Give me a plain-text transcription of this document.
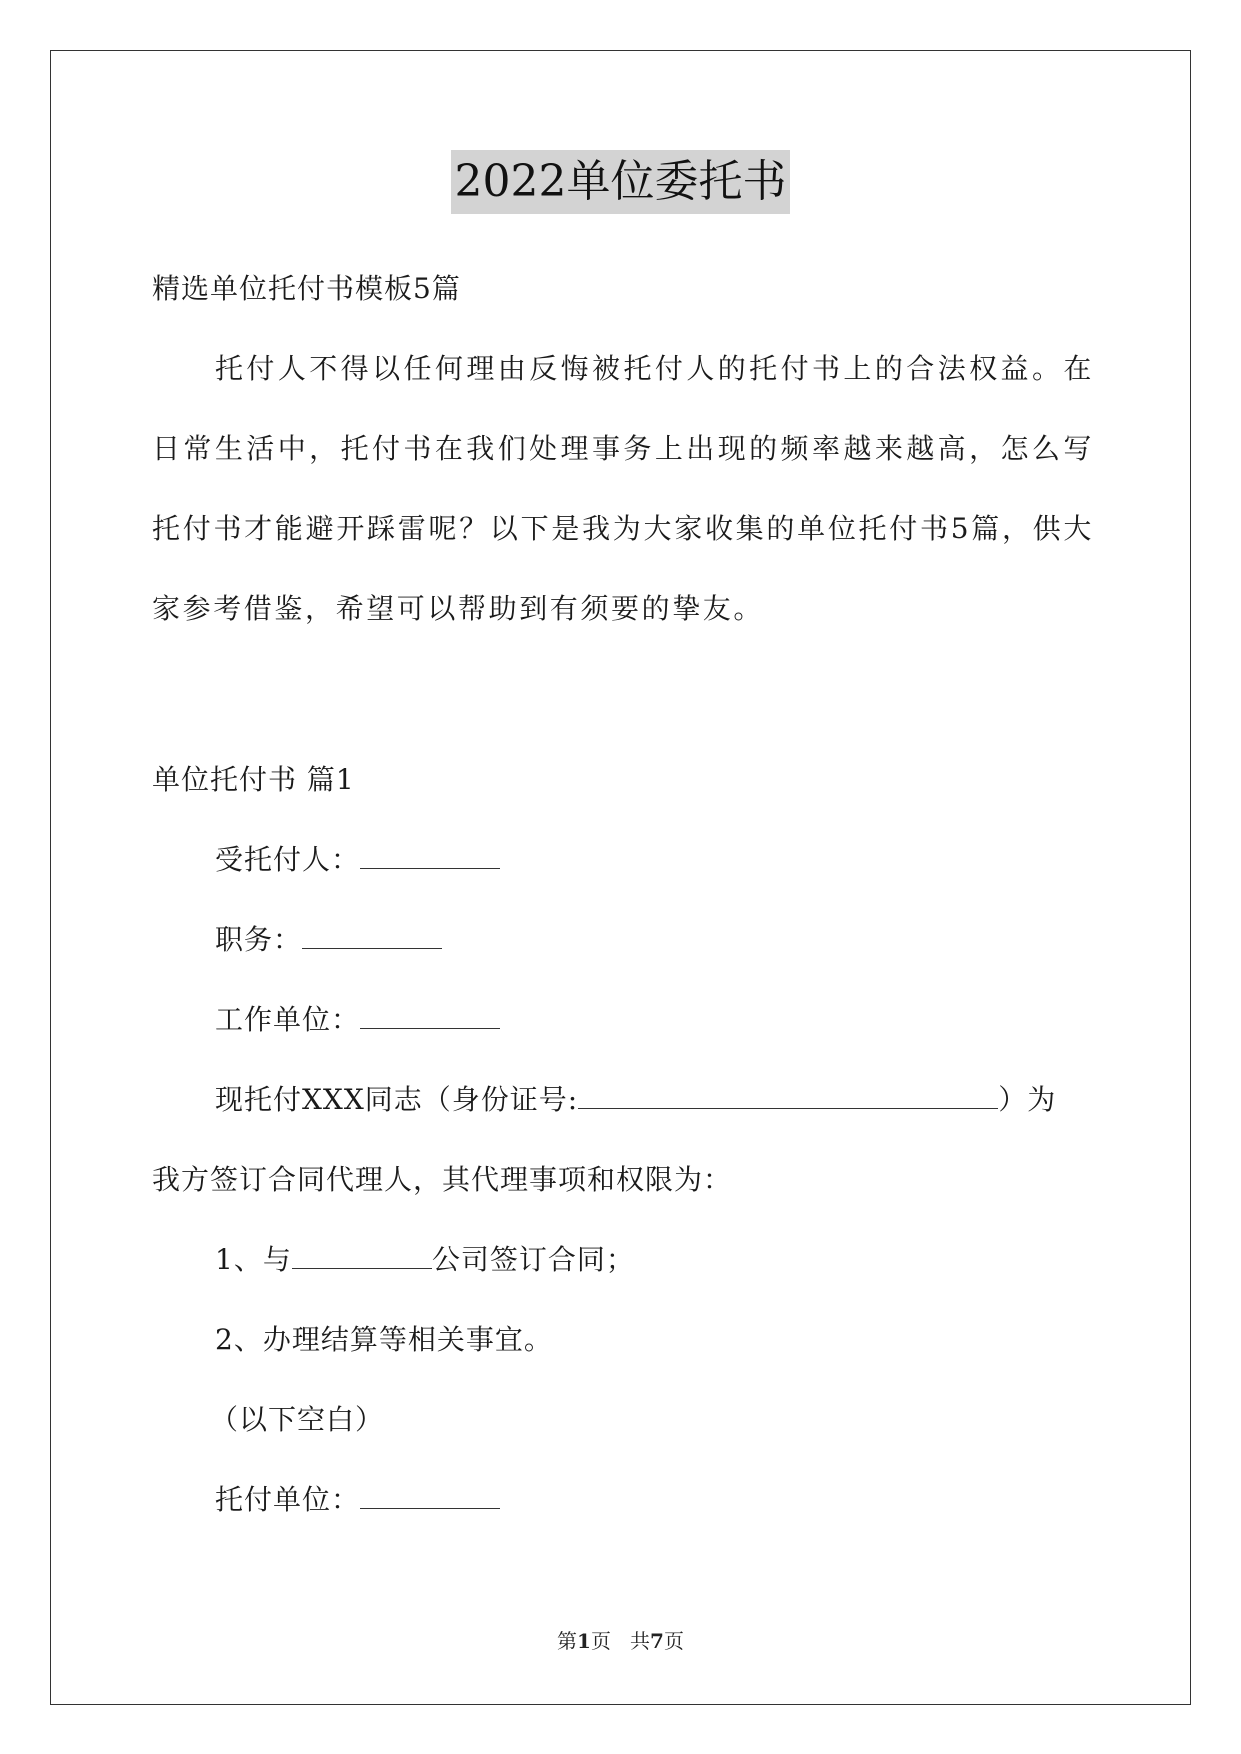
2022单位委托书
精选单位托付书模板5篇
托付人不得以任何理由反悔被托付人的托付书上的合法权益。在日常生活中，托付书在我们处理事务上出现的频率越来越高，怎么写托付书才能避开踩雷呢？以下是我为大家收集的单位托付书5篇，供大家参考借鉴，希望可以帮助到有须要的挚友。
单位托付书 篇1
受托付人：
职务：
工作单位：
现托付XXX同志（身份证号:	）为
我方签订合同代理人，其代理事项和权限为：
1、与	公司签订合同；
2、办理结算等相关事宜。
（以下空白）
托付单位：
第1页   共7页
